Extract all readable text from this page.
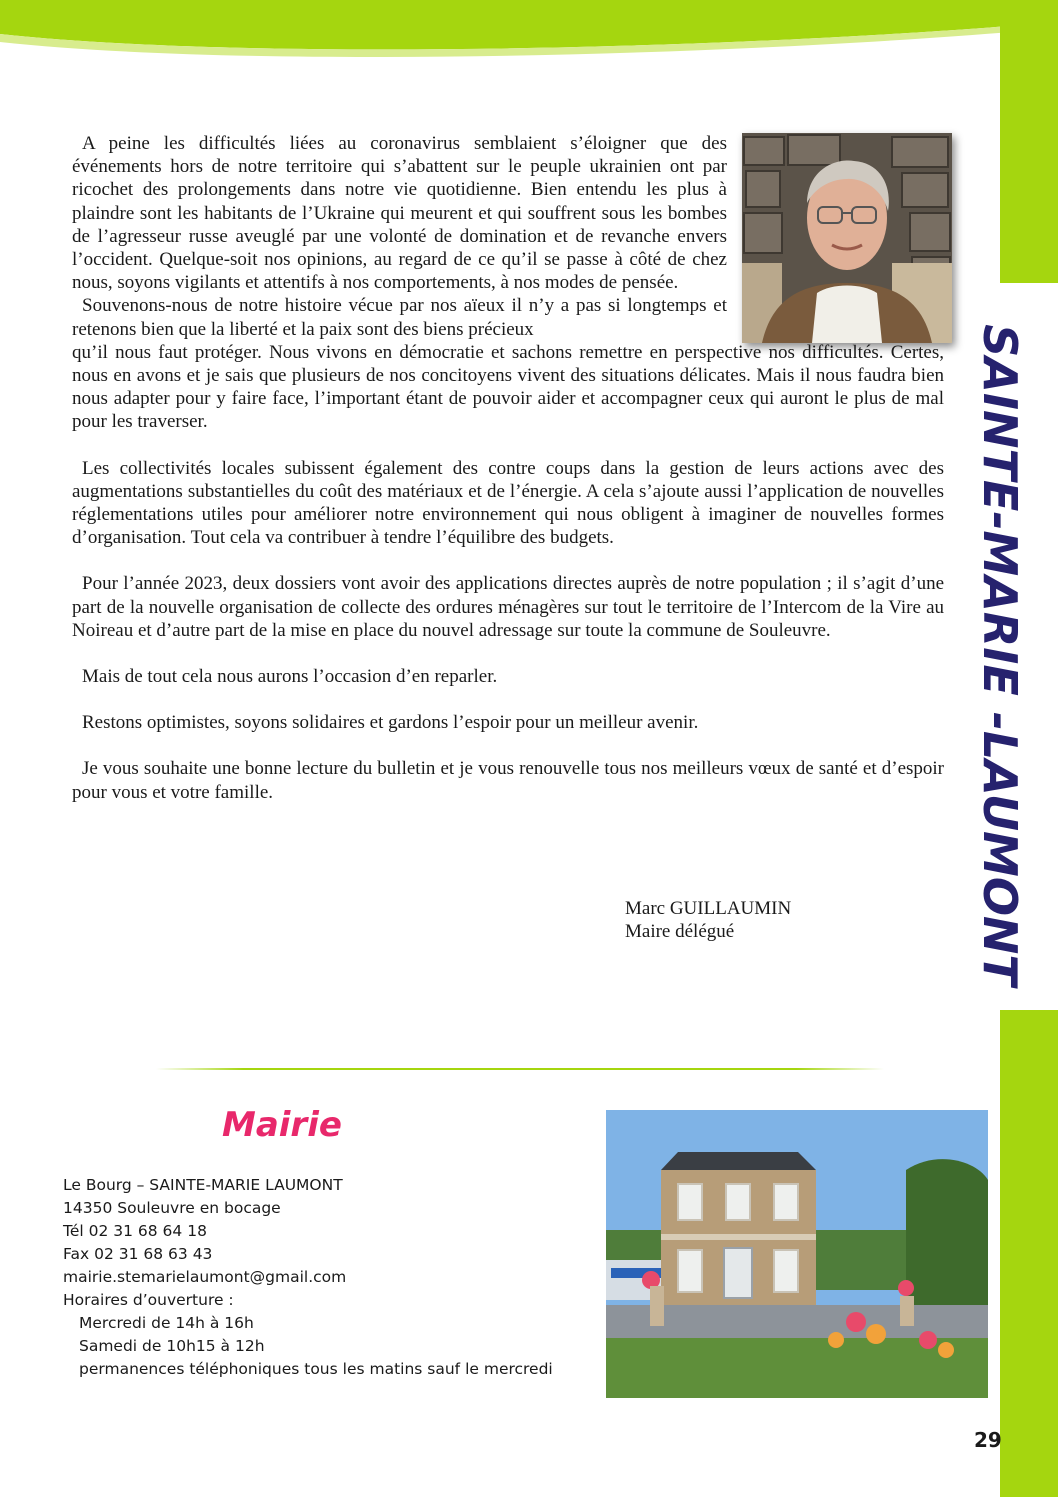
SAINTE-MARIE -LAUMONT

A peine les difficultés liées au coronavirus semblaient s’éloigner que des événements hors de notre territoire qui s’abattent sur le peuple ukrainien ont par ricochet des prolongements dans notre vie quotidienne. Bien entendu les plus à plaindre sont les habitants de l’Ukraine qui meurent et qui souffrent sous les bombes de l’agresseur russe aveuglé par une volonté de domination et de revanche envers l’occident. Quelque-soit nos opinions, au regard de ce qu’il se passe à côté de chez nous, soyons vigilants et attentifs à nos comportements, à nos modes de pensée.

Souvenons-nous de notre histoire vécue par nos aïeux il n’y a pas si longtemps et retenons bien que la liberté et la paix sont des biens précieux

qu’il nous faut protéger. Nous vivons en démocratie et sachons remettre en perspective nos difficultés. Certes, nous en avons et je sais que plusieurs de nos concitoyens vivent des situations délicates. Mais il nous faudra bien nous adapter pour y faire face, l’important étant de pouvoir aider et accompagner ceux qui auront le plus de mal pour les traverser.

Les collectivités locales subissent également des contre coups dans la gestion de leurs actions avec des augmentations substantielles du coût des matériaux et de l’énergie. A cela s’ajoute aussi l’application de nouvelles réglementations utiles pour améliorer notre environnement qui nous obligent à imaginer de nouvelles formes d’organisation. Tout cela va contribuer à tendre l’équilibre des budgets.

Pour l’année 2023, deux dossiers vont avoir des applications directes auprès de notre population ; il s’agit d’une part de la nouvelle organisation de collecte des ordures ménagères sur tout le territoire de l’Intercom de la Vire au Noireau et d’autre part de la mise en place du nouvel adressage sur toute la commune de Souleuvre.

Mais de tout cela nous aurons l’occasion d’en reparler.

Restons optimistes, soyons solidaires et gardons l’espoir pour un meilleur avenir.

Je vous souhaite une bonne lecture du bulletin et je vous renouvelle tous nos meilleurs vœux de santé et d’espoir pour vous et votre famille.

Marc GUILLAUMIN
Maire délégué
Mairie
Le Bourg – SAINTE-MARIE LAUMONT
14350 Souleuvre en bocage
Tél 02 31 68 64 18
Fax 02 31 68 63 43
mairie.stemarielaumont@gmail.com
Horaires d’ouverture :
Mercredi de 14h à 16h
Samedi de 10h15 à 12h
permanences téléphoniques tous les matins sauf le mercredi
29
